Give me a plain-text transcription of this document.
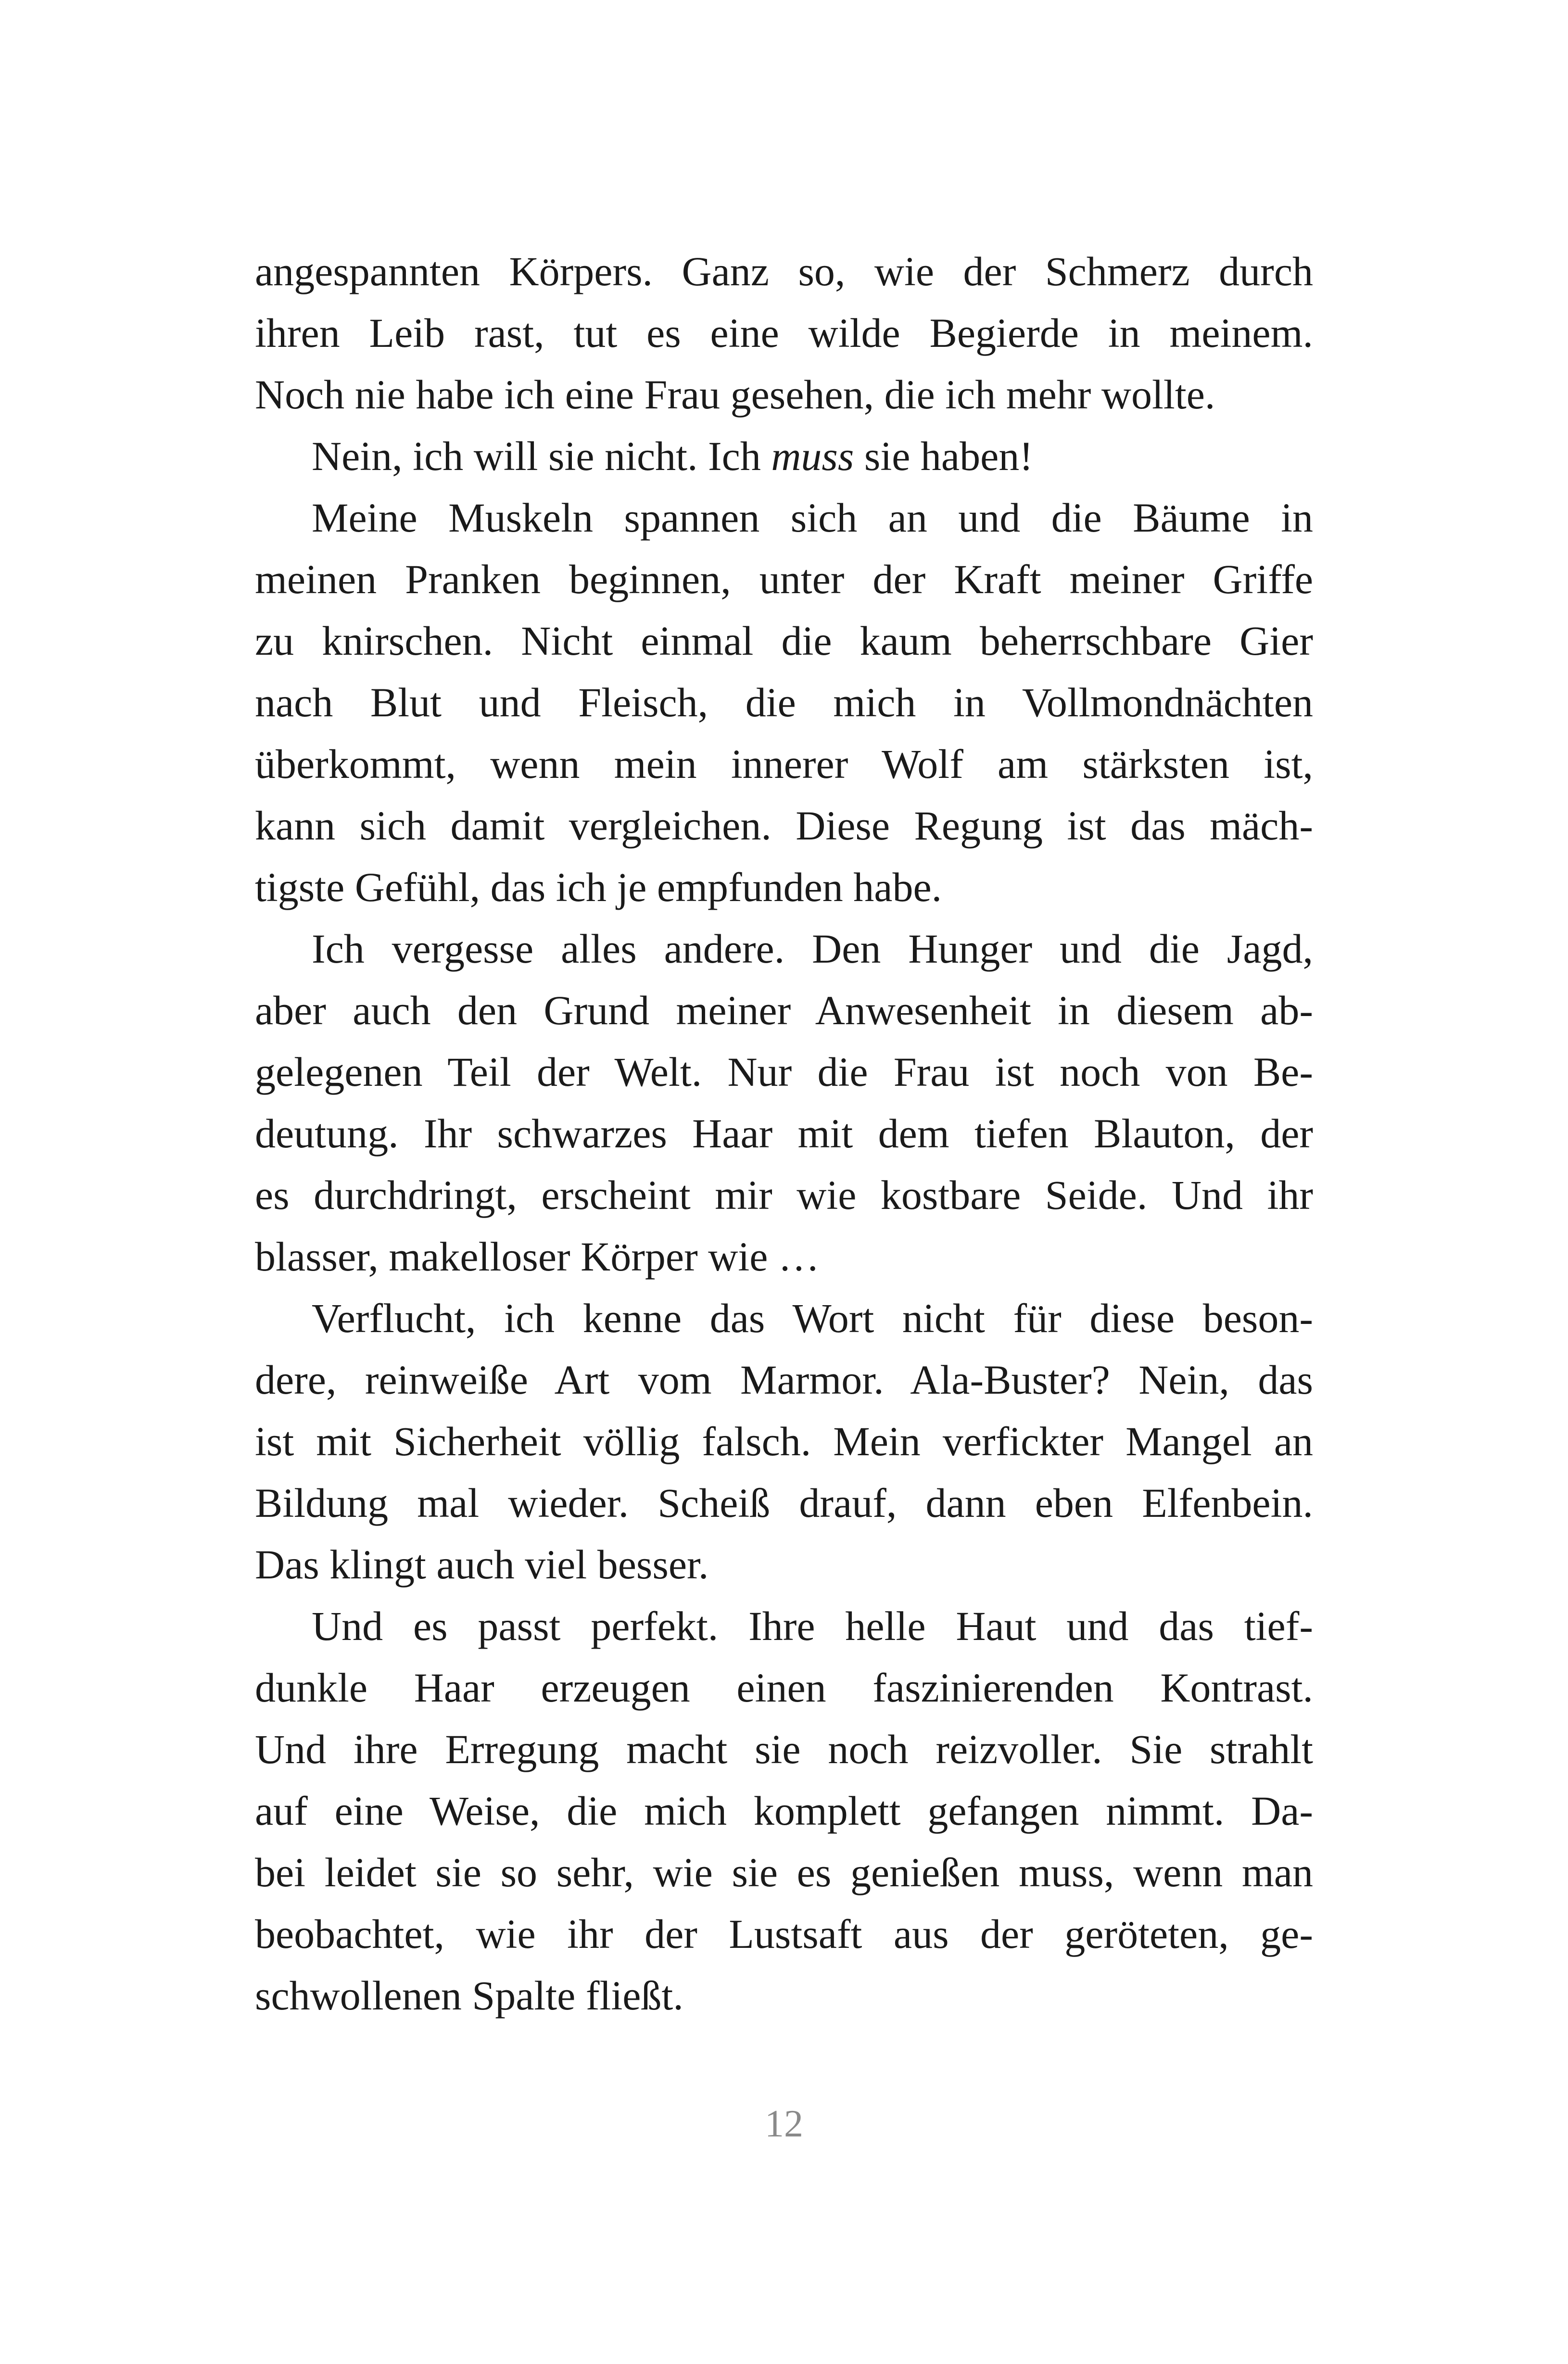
angespannten Körpers. Ganz so, wie der Schmerz durch
ihren Leib rast, tut es eine wilde Begierde in meinem.
Noch nie habe ich eine Frau gesehen, die ich mehr wollte.
Nein, ich will sie nicht. Ich muss sie haben!
Meine Muskeln spannen sich an und die Bäume in
meinen Pranken beginnen, unter der Kraft meiner Griffe
zu knirschen. Nicht einmal die kaum beherrschbare Gier
nach Blut und Fleisch, die mich in Vollmondnächten
überkommt, wenn mein innerer Wolf am stärksten ist,
kann sich damit vergleichen. Diese Regung ist das mäch-
tigste Gefühl, das ich je empfunden habe.
Ich vergesse alles andere. Den Hunger und die Jagd,
aber auch den Grund meiner Anwesenheit in diesem ab-
gelegenen Teil der Welt. Nur die Frau ist noch von Be-
deutung. Ihr schwarzes Haar mit dem tiefen Blauton, der
es durchdringt, erscheint mir wie kostbare Seide. Und ihr
blasser, makelloser Körper wie …
Verflucht, ich kenne das Wort nicht für diese beson-
dere, reinweiße Art vom Marmor. Ala-Buster? Nein, das
ist mit Sicherheit völlig falsch. Mein verfickter Mangel an
Bildung mal wieder. Scheiß drauf, dann eben Elfenbein.
Das klingt auch viel besser.
Und es passt perfekt. Ihre helle Haut und das tief-
dunkle Haar erzeugen einen faszinierenden Kontrast.
Und ihre Erregung macht sie noch reizvoller. Sie strahlt
auf eine Weise, die mich komplett gefangen nimmt. Da-
bei leidet sie so sehr, wie sie es genießen muss, wenn man
beobachtet, wie ihr der Lustsaft aus der geröteten, ge-
schwollenen Spalte fließt.
12
